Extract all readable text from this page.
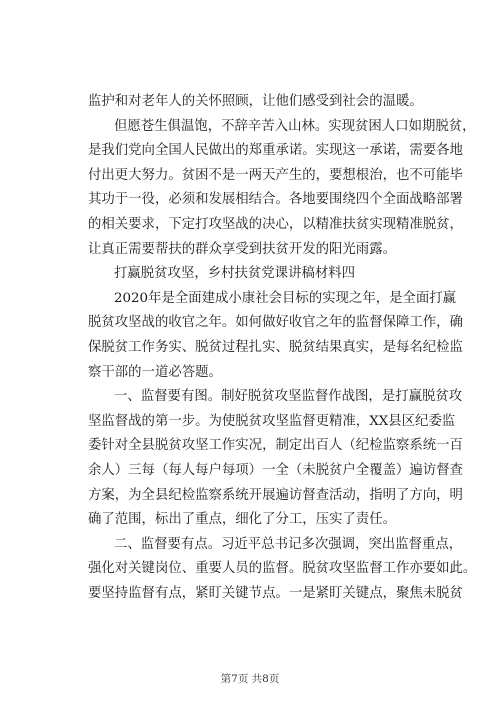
监护和对老年人的关怀照顾，让他们感受到社会的温暖。
但愿苍生俱温饱，不辞辛苦入山林。实现贫困人口如期脱贫，
是我们党向全国人民做出的郑重承诺。实现这一承诺，需要各地
付出更大努力。贫困不是一两天产生的，要想根治，也不可能毕
其功于一役，必须和发展相结合。各地要围绕四个全面战略部署
的相关要求，下定打攻坚战的决心，以精准扶贫实现精准脱贫，
让真正需要帮扶的群众享受到扶贫开发的阳光雨露。
打赢脱贫攻坚，乡村扶贫党课讲稿材料四
2020年是全面建成小康社会目标的实现之年，是全面打赢
脱贫攻坚战的收官之年。如何做好收官之年的监督保障工作，确
保脱贫工作务实、脱贫过程扎实、脱贫结果真实，是每名纪检监
察干部的一道必答题。
一、监督要有图。制好脱贫攻坚监督作战图，是打赢脱贫攻
坚监督战的第一步。为使脱贫攻坚监督更精准，XX县区纪委监
委针对全县脱贫攻坚工作实况，制定出百人（纪检监察系统一百
余人）三每（每人每户每项）一全（未脱贫户全覆盖）遍访督查
方案，为全县纪检监察系统开展遍访督查活动，指明了方向，明
确了范围，标出了重点，细化了分工，压实了责任。
二、监督要有点。习近平总书记多次强调，突出监督重点，
强化对关键岗位、重要人员的监督。脱贫攻坚监督工作亦要如此。
要坚持监督有点，紧盯关键节点。一是紧盯关键点，聚焦未脱贫
第7页 共8页
